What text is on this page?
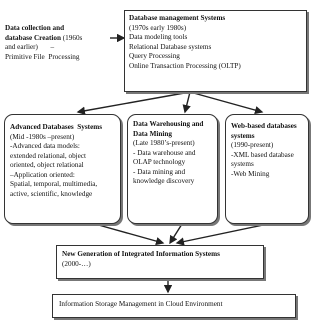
Data collection and
database Creation (1960s
and earlier)       –
Primitive File  Processing
Database management Systems
(1970s early 1980s)
Data modeling tools
Relational Database systems
Query Processing
Online Transaction Processing (OLTP)
Advanced Databases  Systems
(Mid -1980s –present)
-Advanced data models:
extended relational, object
oriented, object relational
–Application oriented:
Spatial, temporal, multimedia,
active, scientific, knowledge
Data Warehousing and
Data Mining
(Late 1980’s-present)
- Data warehouse and
OLAP technology
- Data mining and
knowledge discovery
Web-based databases
systems
(1990-present)
-XML based database
systems
-Web Mining
New Generation of Integrated Information Systems
(2000-…)
Information Storage Management in Cloud Environment
